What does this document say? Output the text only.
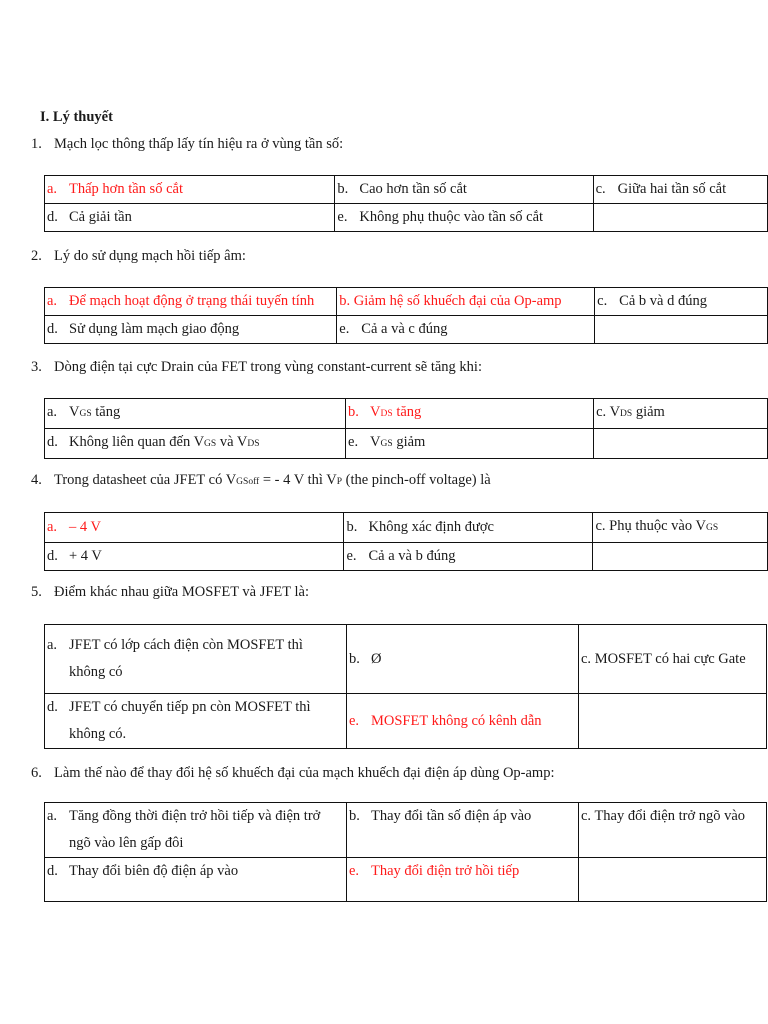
I. Lý thuyết
1. Mạch lọc thông thấp lấy tín hiệu ra ở vùng tần số:
a. Thấp hơn tần số cắt	b. Cao hơn tần số cắt	c. Giữa hai tần số cắt
d. Cả giải tần	e. Không phụ thuộc vào tần số cắt	
2. Lý do sử dụng mạch hồi tiếp âm:
a. Để mạch hoạt động ở trạng thái tuyến tính	b. Giảm hệ số khuếch đại của Op-amp	c. Cả b và d đúng
d. Sử dụng làm mạch giao động	e. Cả a và c đúng	
3. Dòng điện tại cực Drain của FET trong vùng constant-current sẽ tăng khi:
a. VGS tăng	b. VDS tăng	c. VDS giảm
d. Không liên quan đến VGS và VDS	e. VGS giảm	
4. Trong datasheet của JFET có VGSoff = - 4 V thì VP (the pinch-off voltage) là
a. – 4 V	b. Không xác định được	c. Phụ thuộc vào VGS
d. + 4 V	e. Cả a và b đúng	
5. Điểm khác nhau giữa MOSFET và JFET là:
a. JFET có lớp cách điện còn MOSFET thì không có	b. Ø	c. MOSFET có hai cực Gate

d. JFET có chuyển tiếp pn còn MOSFET thì không có.	e. MOSFET không có kênh dẫn	
6. Làm thế nào để thay đổi hệ số khuếch đại của mạch khuếch đại điện áp dùng Op-amp:
a. Tăng đồng thời điện trở hồi tiếp và điện trở ngõ vào lên gấp đôi	b. Thay đổi tần số điện áp vào	c. Thay đổi điện trở ngõ vào
d. Thay đổi biên độ điện áp vào	e. Thay đổi điện trở hồi tiếp	
